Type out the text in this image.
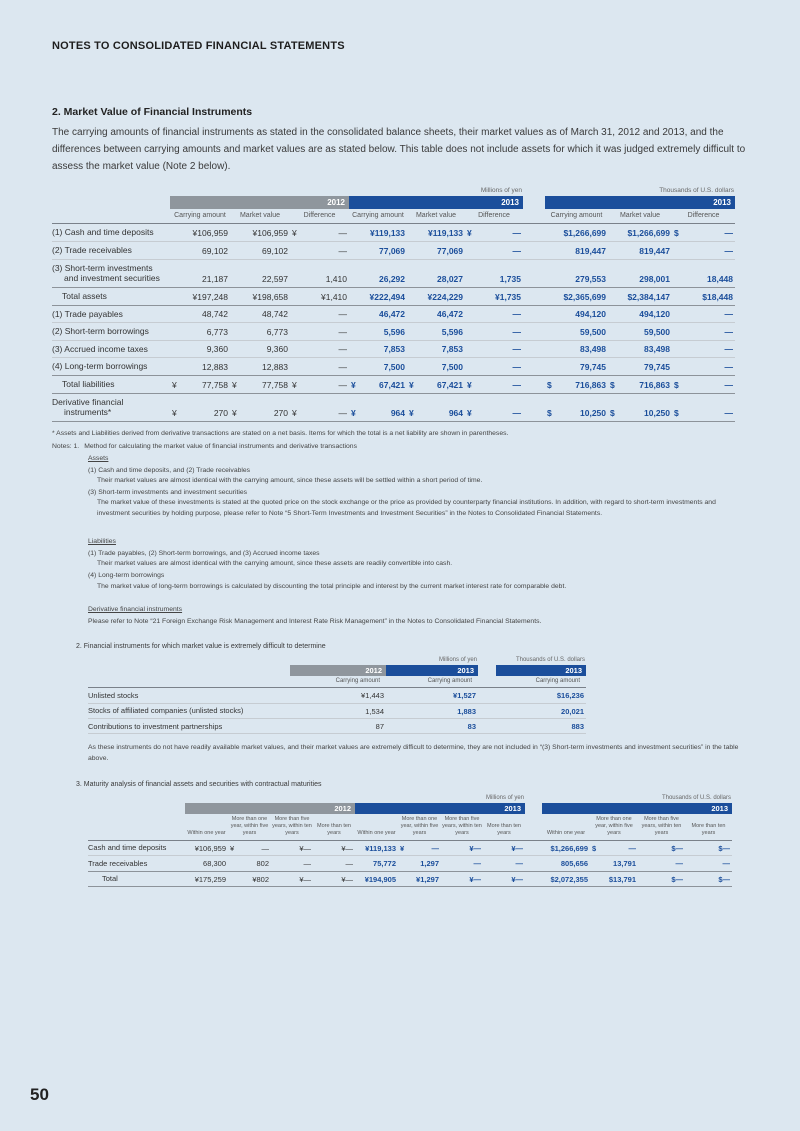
NOTES TO CONSOLIDATED FINANCIAL STATEMENTS
2. Market Value of Financial Instruments
The carrying amounts of financial instruments as stated in the consolidated balance sheets, their market values as of March 31, 2012 and 2013, and the differences between carrying amounts and market values are as stated below. This table does not include assets for which it was judged extremely difficult to assess the market value (Note 2 below).
Millions of yen	Thousands of U.S. dollars
2012	2013	2013
Carrying amount	Market value	Difference	Carrying amount	Market value	Difference	Carrying amount	Market value	Difference
(1) Cash and time deposits	¥106,959	¥106,959 ¥	—	¥119,133	¥119,133 ¥	—	$1,266,699	$1,266,699 $	—
(2) Trade receivables	69,102	69,102	—	77,069	77,069	—	819,447	819,447	—
(3) Short-term investments and investment securities	21,187	22,597	1,410	26,292	28,027	1,735	279,553	298,001	18,448
Total assets	¥197,248	¥198,658	¥1,410	¥222,494	¥224,229	¥1,735	$2,365,699	$2,384,147	$18,448
(1) Trade payables	48,742	48,742	—	46,472	46,472	—	494,120	494,120	—
(2) Short-term borrowings	6,773	6,773	—	5,596	5,596	—	59,500	59,500	—
(3) Accrued income taxes	9,360	9,360	—	7,853	7,853	—	83,498	83,498	—
(4) Long-term borrowings	12,883	12,883	—	7,500	7,500	—	79,745	79,745	—
Total liabilities	¥	77,758 ¥	77,758 ¥	— ¥	67,421 ¥	67,421 ¥	—	$	716,863 $	716,863 $	—
Derivative financial instruments*	¥	270 ¥	270 ¥	— ¥	964 ¥	964 ¥	—	$	10,250 $	10,250 $	—
* Assets and Liabilities derived from derivative transactions are stated on a net basis. Items for which the total is a net liability are shown in parentheses.
Notes: 1. Method for calculating the market value of financial instruments and derivative transactions
Assets
(1) Cash and time deposits, and (2) Trade receivables
Their market values are almost identical with the carrying amount, since these assets will be settled within a short period of time.
(3) Short-term investments and investment securities
The market value of these investments is stated at the quoted price on the stock exchange or the price as provided by counterparty financial institutions. In addition, with regard to short-term investments and investment securities by holding purpose, please refer to Note “5 Short-Term Investments and Investment Securities” in the Notes to Consolidated Financial Statements.
Liabilities
(1) Trade payables, (2) Short-term borrowings, and (3) Accrued income taxes
Their market values are almost identical with the carrying amount, since these assets are readily convertible into cash.
(4) Long-term borrowings
The market value of long-term borrowings is calculated by discounting the total principle and interest by the current market interest rate for comparable debt.
Derivative financial instruments
Please refer to Note “21 Foreign Exchange Risk Management and Interest Rate Risk Management” in the Notes to Consolidated Financial Statements.
2. Financial instruments for which market value is extremely difficult to determine
Millions of yen	Thousands of U.S. dollars
2012	2013	2013
Carrying amount	Carrying amount	Carrying amount
Unlisted stocks	¥1,443	¥1,527	$16,236
Stocks of affiliated companies (unlisted stocks)	1,534	1,883	20,021
Contributions to investment partnerships	87	83	883
As these instruments do not have readily available market values, and their market values are extremely difficult to determine, they are not included in “(3) Short-term investments and investment securities” in the table above.
3. Maturity analysis of financial assets and securities with contractual maturities
Millions of yen	Thousands of U.S. dollars
2012	2013	2013
Within one year
More than one year, within five years
More than five years, within ten years
More than ten years	Within one year
More than one year, within five years
More than five years, within ten years
More than ten years	Within one year
More than one year, within five years
More than five years, within ten years
More than ten years
Cash and time deposits	¥106,959 ¥	—	¥—	¥—	¥119,133 ¥	—	¥—	¥—	$1,266,699 $	—	$—	$—
Trade receivables	68,300	802	—	—	75,772	1,297	—	—	805,656	13,791	—	—
Total	¥175,259	¥802	¥—	¥—	¥194,905	¥1,297	¥—	¥—	$2,072,355	$13,791	$—	$—
50
